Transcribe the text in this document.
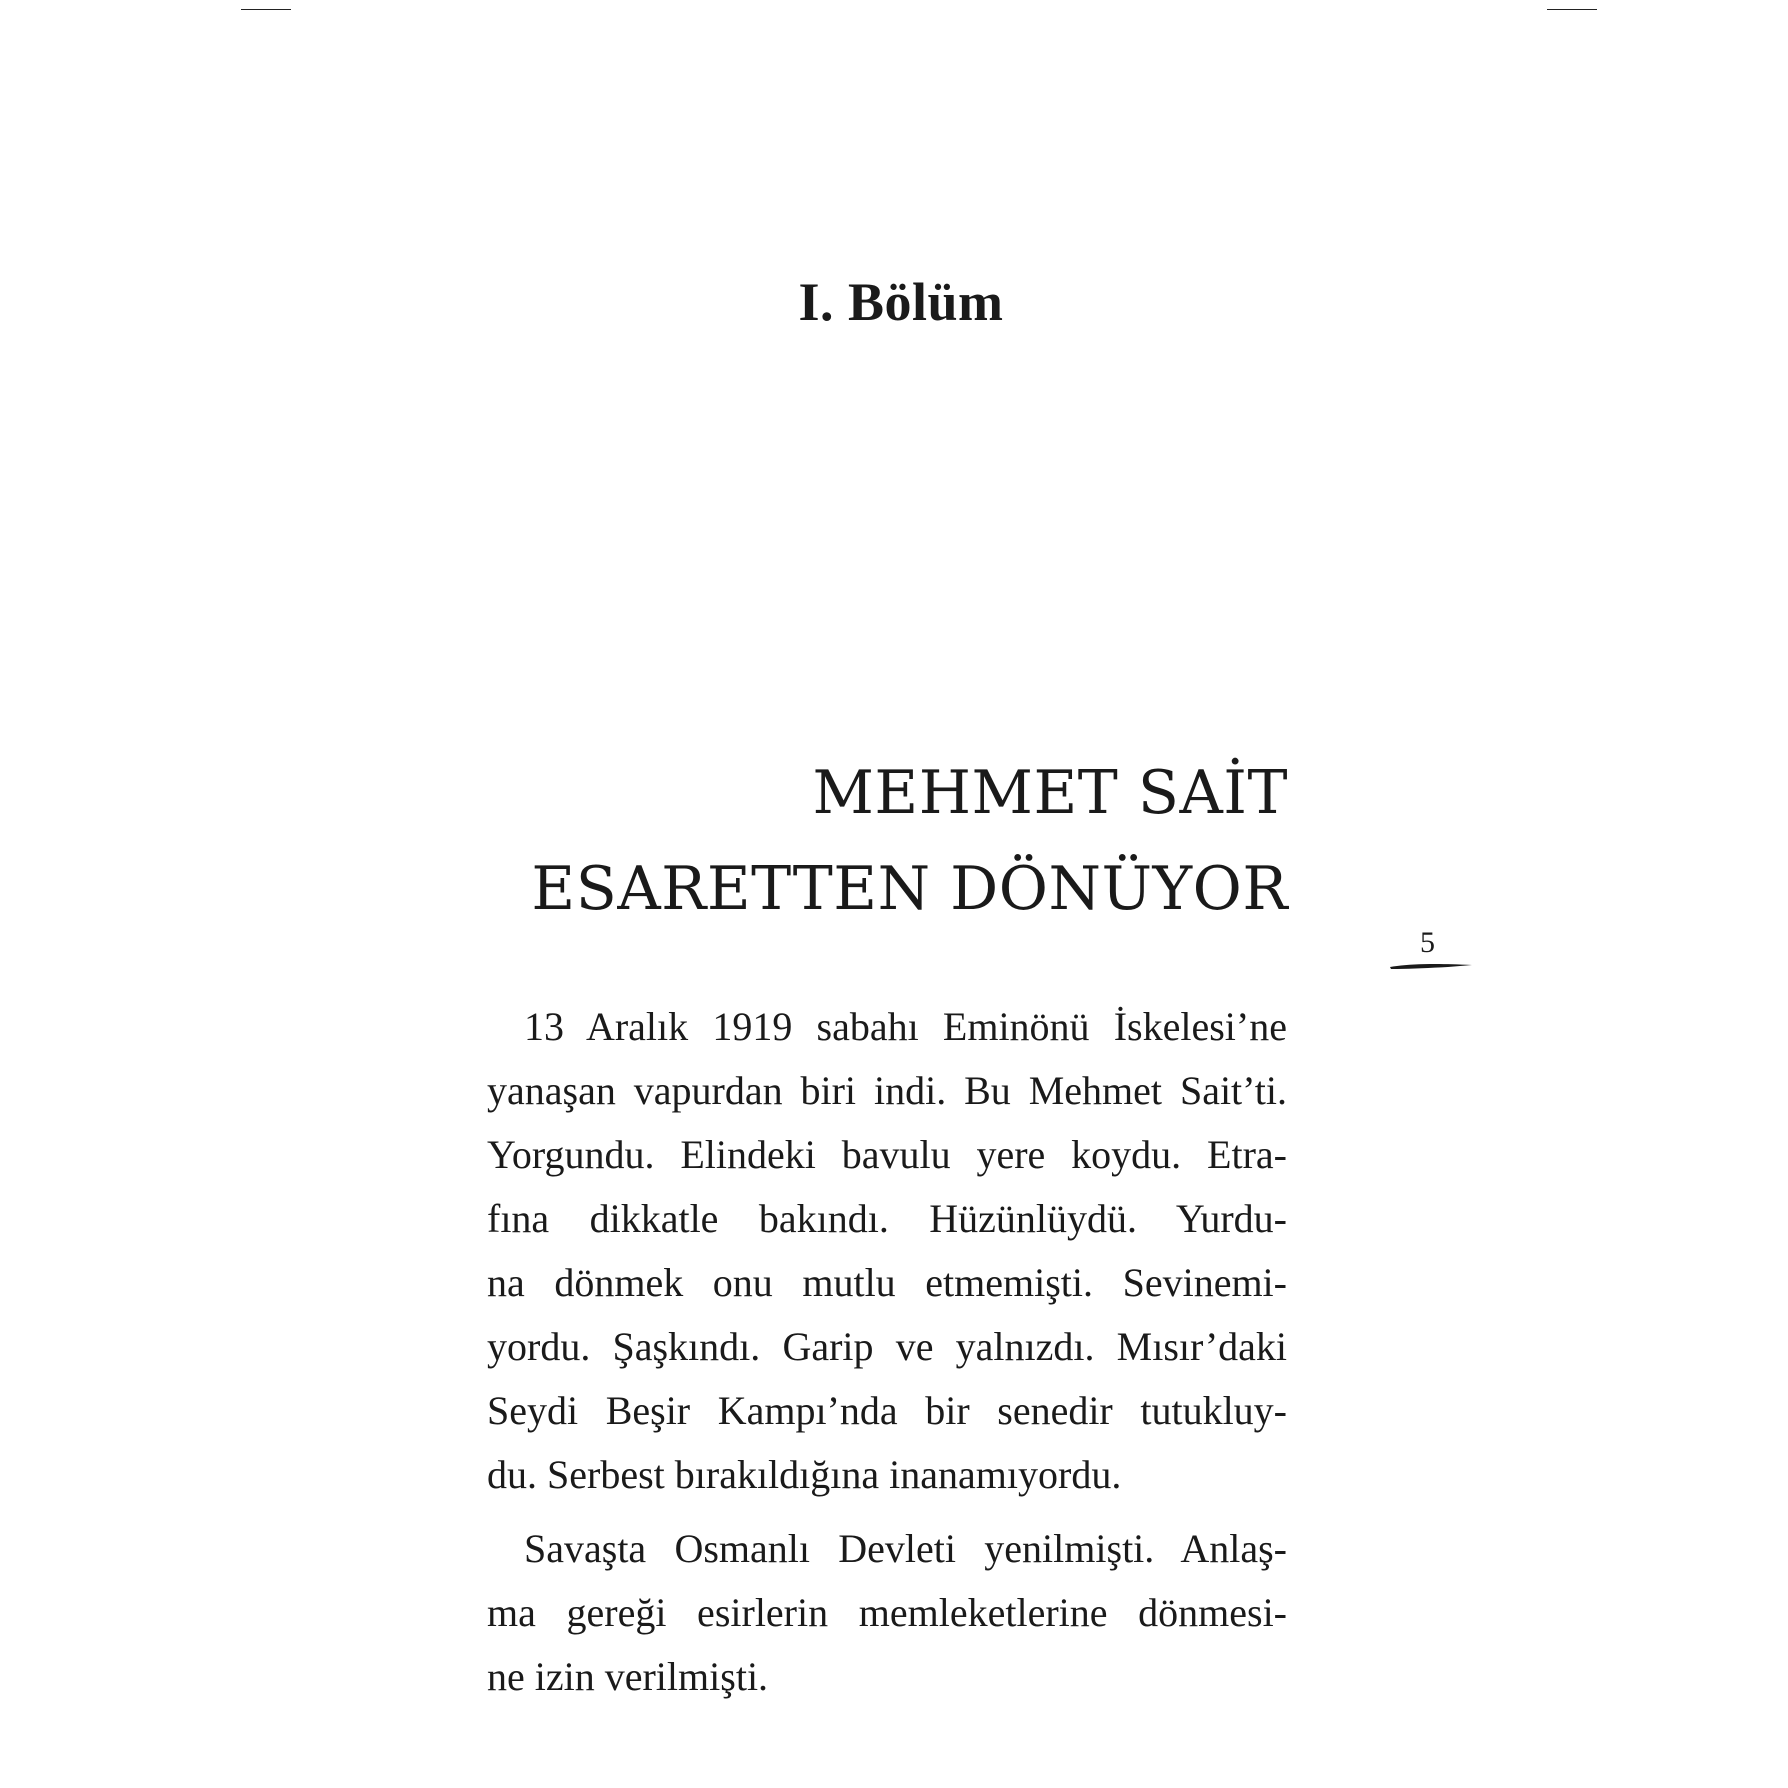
I. Bölüm
MEHMET SAİT
ESARETTEN DÖNÜYOR
5

13 Aralık 1919 sabahı Eminönü İskelesi’ne
yanaşan vapurdan biri indi. Bu Mehmet Sait’ti.
Yorgundu. Elindeki bavulu yere koydu. Etra-
fına dikkatle bakındı. Hüzünlüydü. Yurdu-
na dönmek onu mutlu etmemişti. Sevinemi-
yordu. Şaşkındı. Garip ve yalnızdı. Mısır’daki
Seydi Beşir Kampı’nda bir senedir tutukluy-
du. Serbest bırakıldığına inanamıyordu.

Savaşta Osmanlı Devleti yenilmişti. Anlaş-
ma gereği esirlerin memleketlerine dönmesi-
ne izin verilmişti.
